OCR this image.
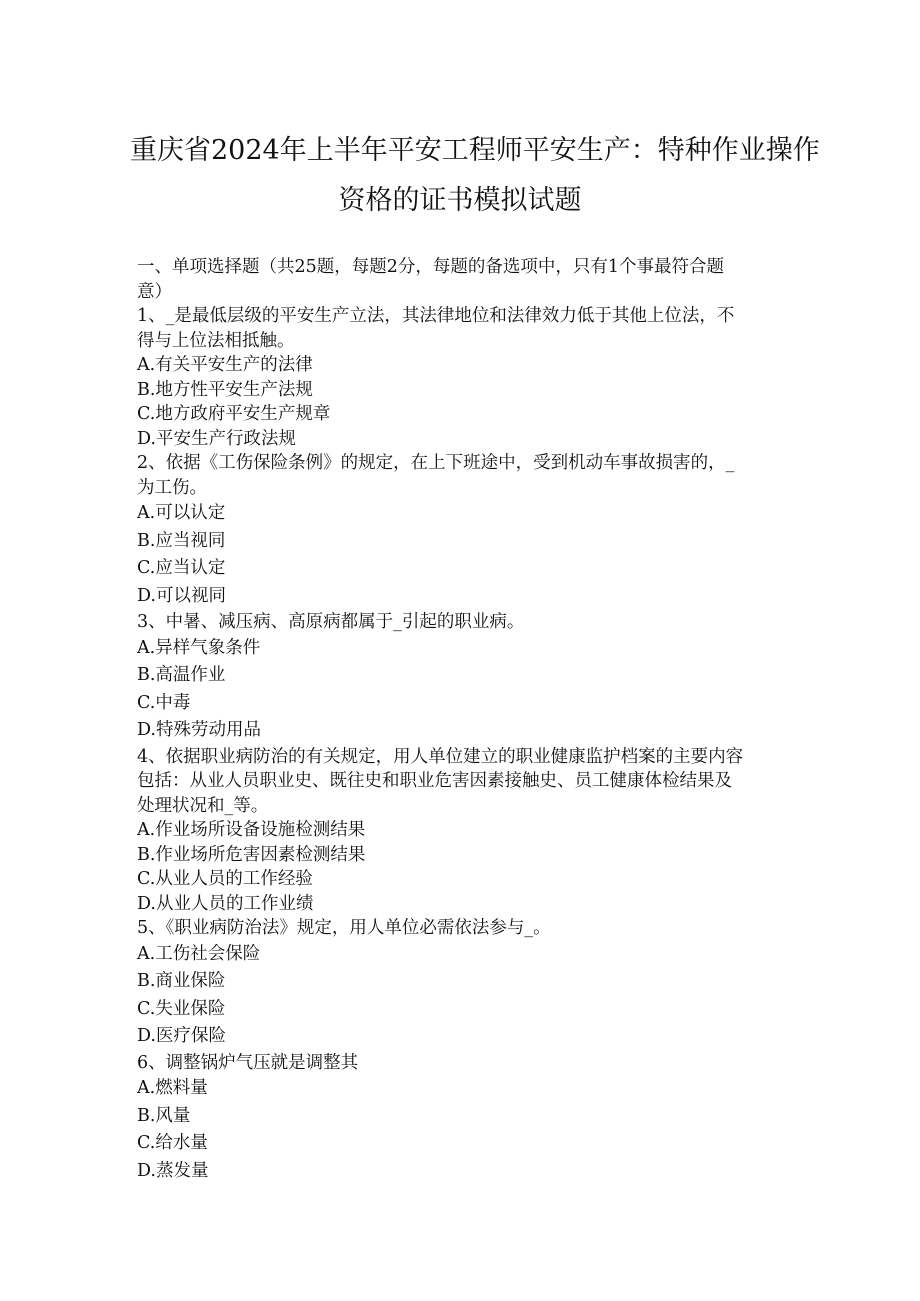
重庆省2024年上半年平安工程师平安生产：特种作业操作
资格的证书模拟试题
一、单项选择题（共25题，每题2分，每题的备选项中，只有1个事最符合题
意）
1、_是最低层级的平安生产立法，其法律地位和法律效力低于其他上位法，不
得与上位法相抵触。
A.有关平安生产的法律
B.地方性平安生产法规
C.地方政府平安生产规章
D.平安生产行政法规
2、依据《工伤保险条例》的规定，在上下班途中，受到机动车事故损害的，_
为工伤。
A.可以认定
B.应当视同
C.应当认定
D.可以视同
3、中暑、减压病、高原病都属于_引起的职业病。
A.异样气象条件
B.高温作业
C.中毒
D.特殊劳动用品
4、依据职业病防治的有关规定，用人单位建立的职业健康监护档案的主要内容
包括：从业人员职业史、既往史和职业危害因素接触史、员工健康体检结果及
处理状况和_等。
A.作业场所设备设施检测结果
B.作业场所危害因素检测结果
C.从业人员的工作经验
D.从业人员的工作业绩
5、《职业病防治法》规定，用人单位必需依法参与_。
A.工伤社会保险
B.商业保险
C.失业保险
D.医疗保险
6、调整锅炉气压就是调整其
A.燃料量
B.风量
C.给水量
D.蒸发量
